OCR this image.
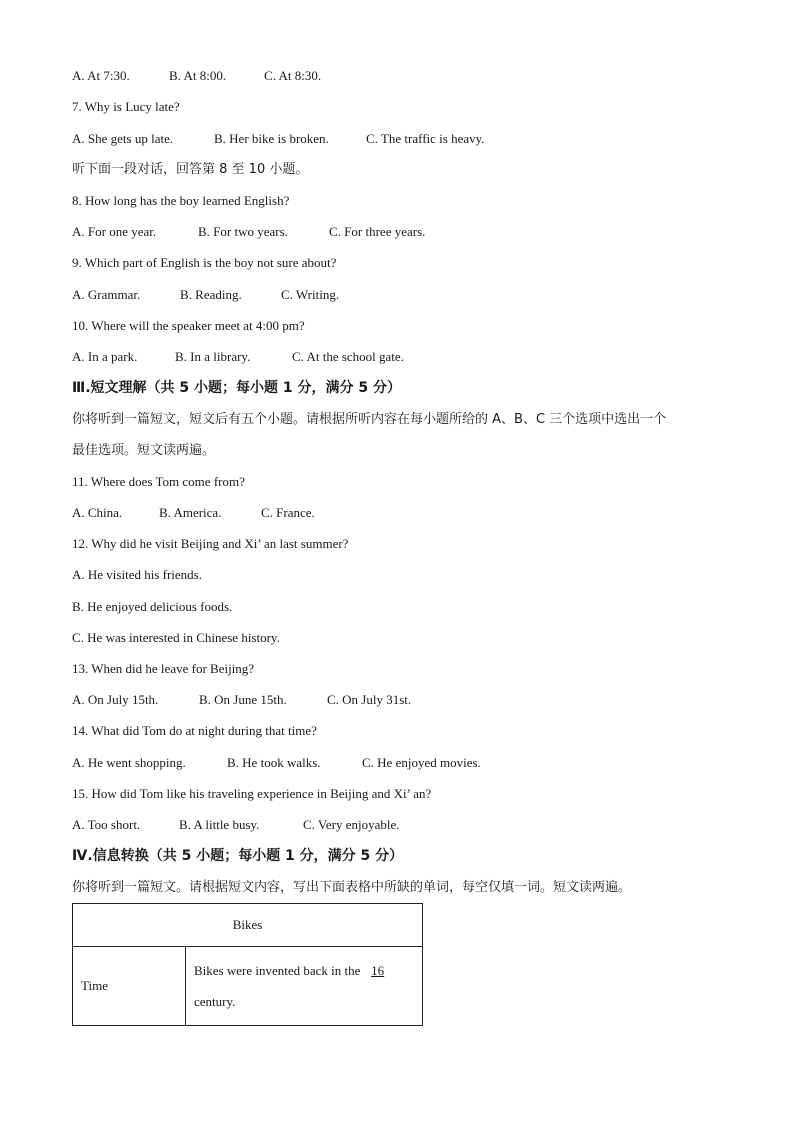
A. At 7:30.	B. At 8:00.	C. At 8:30.
7. Why is Lucy late?
A. She gets up late.	B. Her bike is broken.	C. The traffic is heavy.
听下面一段对话，回答第 8 至 10 小题。
8. How long has the boy learned English?
A. For one year.	B. For two years.	C. For three years.
9. Which part of English is the boy not sure about?
A. Grammar.	B. Reading.	C. Writing.
10. Where will the speaker meet at 4:00 pm?
A. In a park.	B. In a library.	C. At the school gate.
Ⅲ.短文理解（共 5 小题；每小题 1 分，满分 5 分）
你将听到一篇短文，短文后有五个小题。请根据所听内容在每小题所给的 A、B、C 三个选项中选出一个
最佳选项。短文读两遍。
11. Where does Tom come from?
A. China.	B. America.	C. France.
12. Why did he visit Beijing and Xi’ an last summer?
A. He visited his friends.
B. He enjoyed delicious foods.
C. He was interested in Chinese history.
13. When did he leave for Beijing?
A. On July 15th.	B. On June 15th.	C. On July 31st.
14. What did Tom do at night during that time?
A. He went shopping.	B. He took walks.	C. He enjoyed movies.
15. How did Tom like his traveling experience in Beijing and Xi’ an?
A. Too short.	B. A little busy.	C. Very enjoyable.
Ⅳ.信息转换（共 5 小题；每小题 1 分，满分 5 分）
你将听到一篇短文。请根据短文内容，写出下面表格中所缺的单词，每空仅填一词。短文读两遍。
Bikes
Time	Bikes were invented back in the 16
century.
